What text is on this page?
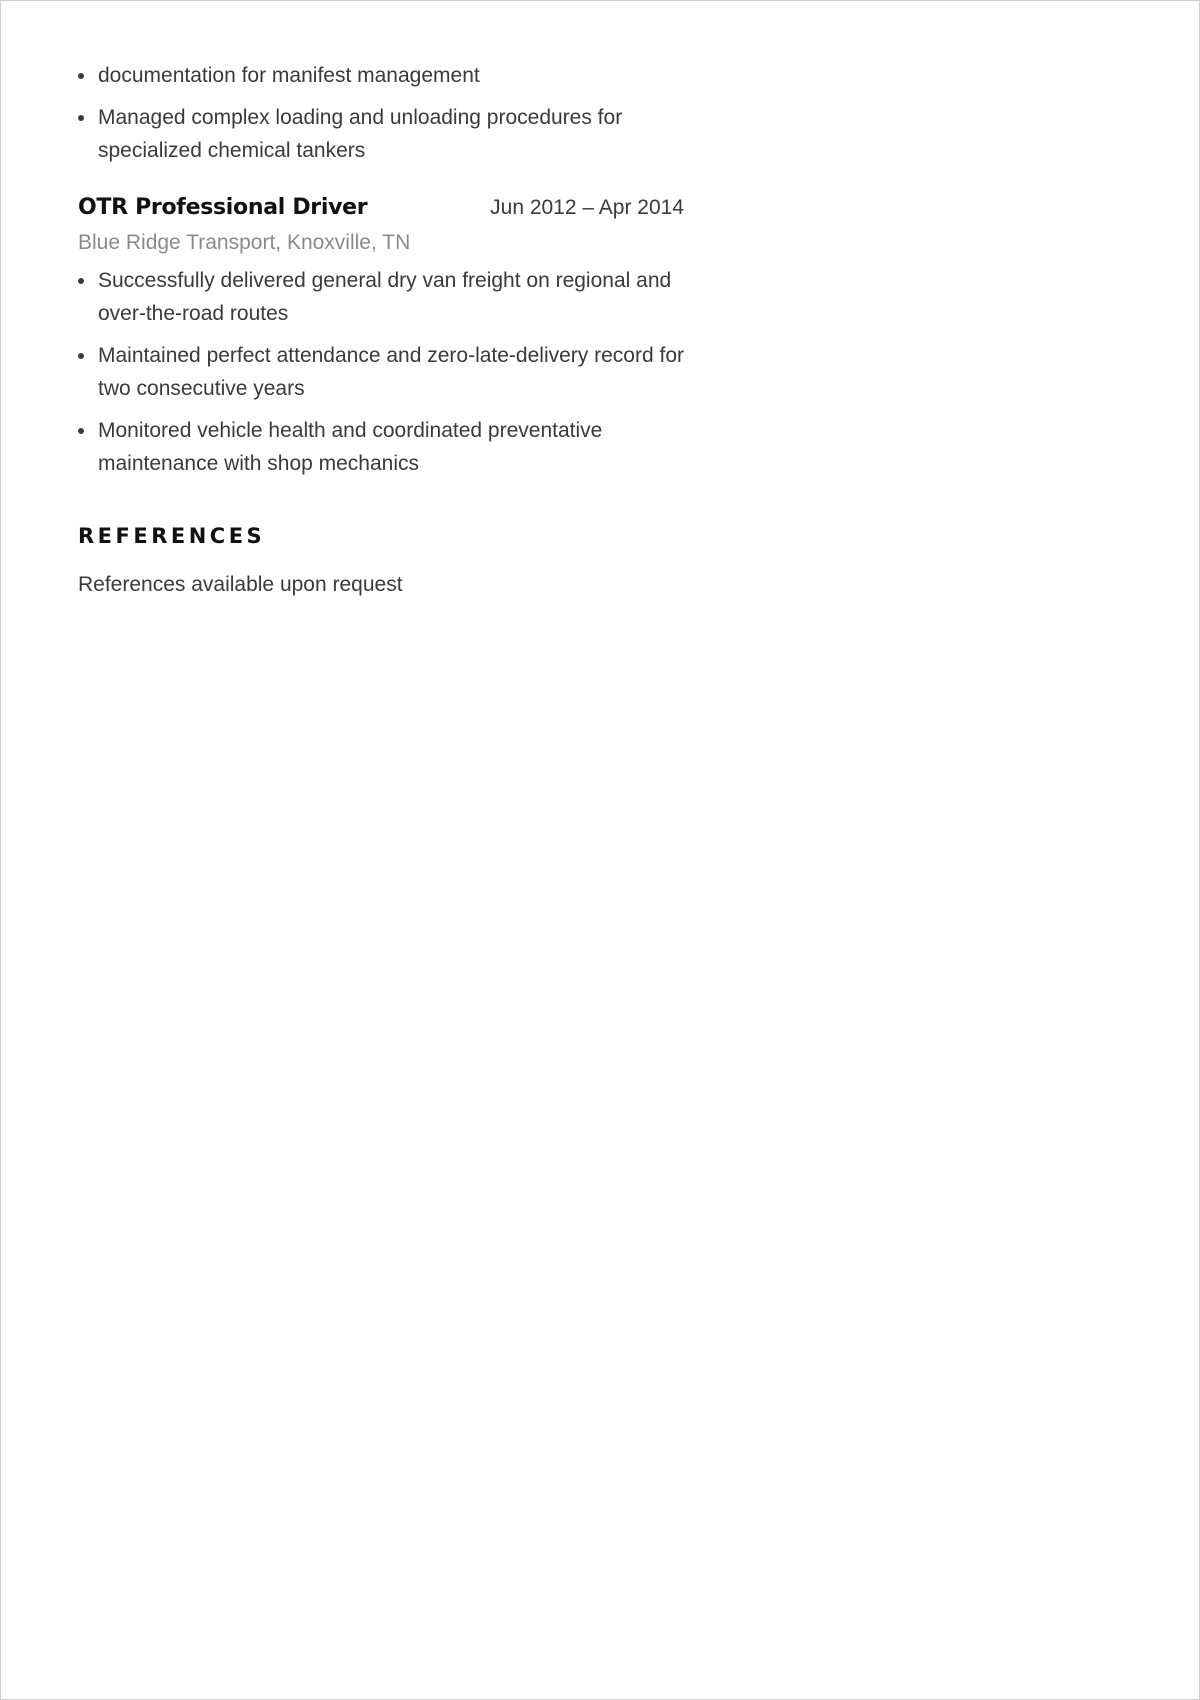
documentation for manifest management
Managed complex loading and unloading procedures for specialized chemical tankers
OTR Professional Driver	Jun 2012 – Apr 2014
Blue Ridge Transport, Knoxville, TN
Successfully delivered general dry van freight on regional and over-the-road routes
Maintained perfect attendance and zero-late-delivery record for two consecutive years
Monitored vehicle health and coordinated preventative maintenance with shop mechanics
REFERENCES
References available upon request
